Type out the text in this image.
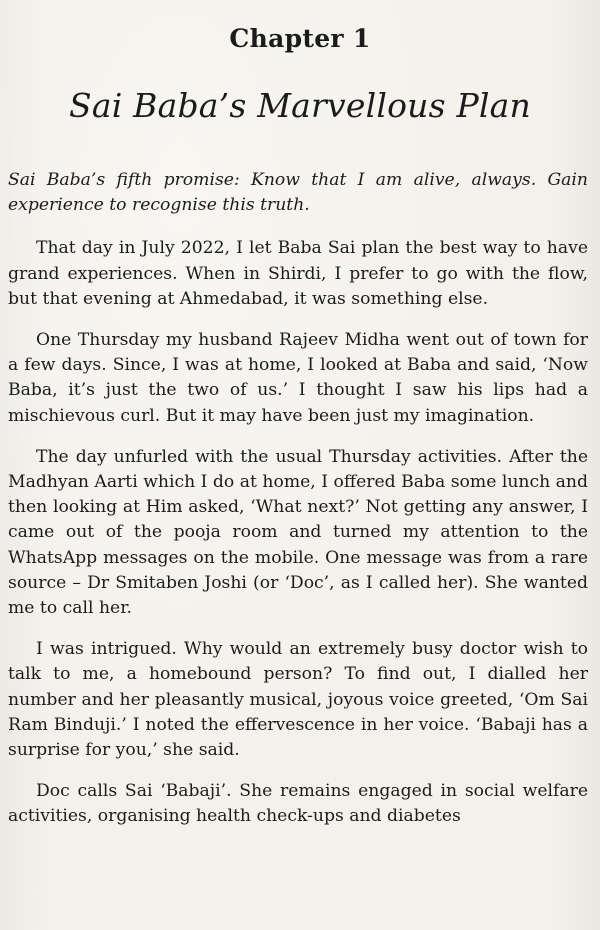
Chapter 1
Sai Baba’s Marvellous Plan

Sai Baba’s fifth promise: Know that I am alive, always. Gain experience to recognise this truth.

That day in July 2022, I let Baba Sai plan the best way to have grand experiences. When in Shirdi, I prefer to go with the flow, but that evening at Ahmedabad, it was something else.

One Thursday my husband Rajeev Midha went out of town for a few days. Since, I was at home, I looked at Baba and said, ‘Now Baba, it’s just the two of us.’ I thought I saw his lips had a mischievous curl. But it may have been just my imagination.

The day unfurled with the usual Thursday activities. After the Madhyan Aarti which I do at home, I offered Baba some lunch and then looking at Him asked, ‘What next?’ Not getting any answer, I came out of the pooja room and turned my attention to the WhatsApp messages on the mobile. One message was from a rare source – Dr Smitaben Joshi (or ‘Doc’, as I called her). She wanted me to call her.

I was intrigued. Why would an extremely busy doctor wish to talk to me, a homebound person? To find out, I dialled her number and her pleasantly musical, joyous voice greeted, ‘Om Sai Ram Binduji.’ I noted the effervescence in her voice. ‘Babaji has a surprise for you,’ she said.

Doc calls Sai ‘Babaji’. She remains engaged in social welfare activities, organising health check-ups and diabetes
